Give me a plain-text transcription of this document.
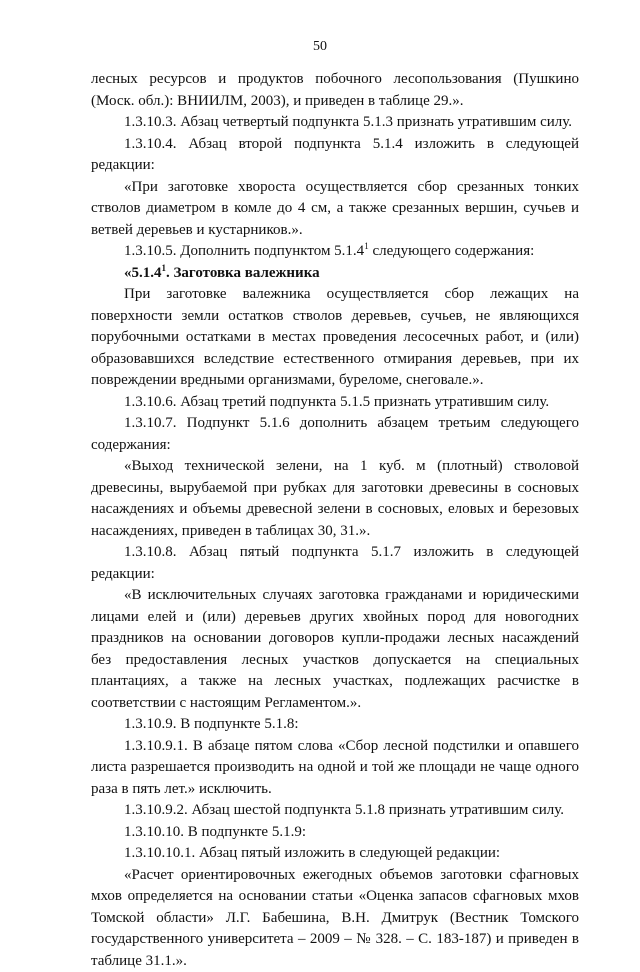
50

лесных ресурсов и продуктов побочного лесопользования (Пушкино (Моск. обл.): ВНИИЛМ, 2003), и приведен в таблице 29.».

1.3.10.3. Абзац четвертый подпункта 5.1.3 признать утратившим силу.

1.3.10.4. Абзац второй подпункта 5.1.4 изложить в следующей редакции:

«При заготовке хвороста осуществляется сбор срезанных тонких стволов диаметром в комле до 4 см, а также срезанных вершин, сучьев и ветвей деревьев и кустарников.».

1.3.10.5. Дополнить подпунктом 5.1.4$^1$ следующего содержания:

«5.1.4$^1$. Заготовка валежника

При заготовке валежника осуществляется сбор лежащих на поверхности земли остатков стволов деревьев, сучьев, не являющихся порубочными остатками в местах проведения лесосечных работ, и (или) образовавшихся вследствие естественного отмирания деревьев, при их повреждении вредными организмами, буреломе, снеговале.».

1.3.10.6. Абзац третий подпункта 5.1.5 признать утратившим силу.

1.3.10.7. Подпункт 5.1.6 дополнить абзацем третьим следующего содержания:

«Выход технической зелени, на 1 куб. м (плотный) стволовой древесины, вырубаемой при рубках для заготовки древесины в сосновых насаждениях и объемы древесной зелени в сосновых, еловых и березовых насаждениях, приведен в таблицах 30, 31.».

1.3.10.8. Абзац пятый подпункта 5.1.7 изложить в следующей редакции:

«В исключительных случаях заготовка гражданами и юридическими лицами елей и (или) деревьев других хвойных пород для новогодних праздников на основании договоров купли-продажи лесных насаждений без предоставления лесных участков допускается на специальных плантациях, а также на лесных участках, подлежащих расчистке в соответствии с настоящим Регламентом.».

1.3.10.9. В подпункте 5.1.8:

1.3.10.9.1. В абзаце пятом слова «Сбор лесной подстилки и опавшего листа разрешается производить на одной и той же площади не чаще одного раза в пять лет.» исключить.

1.3.10.9.2. Абзац шестой подпункта 5.1.8 признать утратившим силу.

1.3.10.10. В подпункте 5.1.9:

1.3.10.10.1. Абзац пятый изложить в следующей редакции:

«Расчет ориентировочных ежегодных объемов заготовки сфагновых мхов определяется на основании статьи «Оценка запасов сфагновых мхов Томской области» Л.Г. Бабешина, В.Н. Дмитрук (Вестник Томского государственного университета – 2009 – № 328. – С. 183-187) и приведен в таблице 31.1.».
